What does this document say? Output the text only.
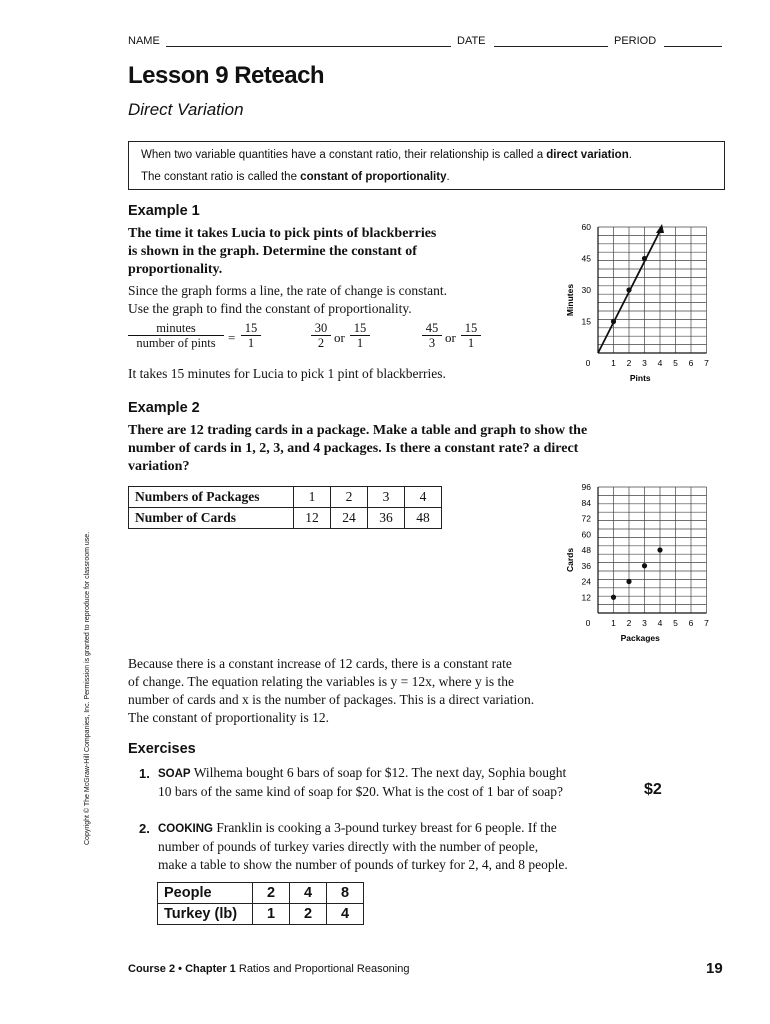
NAME	DATE	PERIOD
Lesson 9 Reteach
Direct Variation

When two variable quantities have a constant ratio, their relationship is called a direct variation.

The constant ratio is called the constant of proportionality.

Example 1
The time it takes Lucia to pick pints of blackberries
is shown in the graph. Determine the constant of
proportionality.
Since the graph forms a line, the rate of change is constant.
Use the graph to find the constant of proportionality.
minutes
number of pints = $\frac{15}{1}$	$\frac{30}{2}$ or $\frac{15}{1}$	$\frac{45}{3}$ or $\frac{15}{1}$
It takes 15 minutes for Lucia to pick 1 pint of blackberries.
0 1 2 3 4 5 6 7
15
30
45
60
Pints
Minutes
Example 2
There are 12 trading cards in a package. Make a table and graph to show the
number of cards in 1, 2, 3, and 4 packages. Is there a constant rate? a direct
variation?
Numbers of Packages	1	2	3	4
Number of Cards	12	24	36	48
0 1 2 3 4 5 6 7
12
24
36
48
60
72
84
96
Packages
Cards
Because there is a constant increase of 12 cards, there is a constant rate
of change. The equation relating the variables is y = 12x, where y is the
number of cards and x is the number of packages. This is a direct variation.
The constant of proportionality is 12.
Exercises
1. SOAP Wilhema bought 6 bars of soap for $12. The next day, Sophia bought
10 bars of the same kind of soap for $20. What is the cost of 1 bar of soap?	$2
2. COOKING Franklin is cooking a 3-pound turkey breast for 6 people. If the
number of pounds of turkey varies directly with the number of people,
make a table to show the number of pounds of turkey for 2, 4, and 8 people.
People	2	4	8
Turkey (lb)	1	2	4
Course 2 • Chapter 1 Ratios and Proportional Reasoning	19
Copyright © The McGraw-Hill Companies, Inc. Permission is granted to reproduce for classroom use.
